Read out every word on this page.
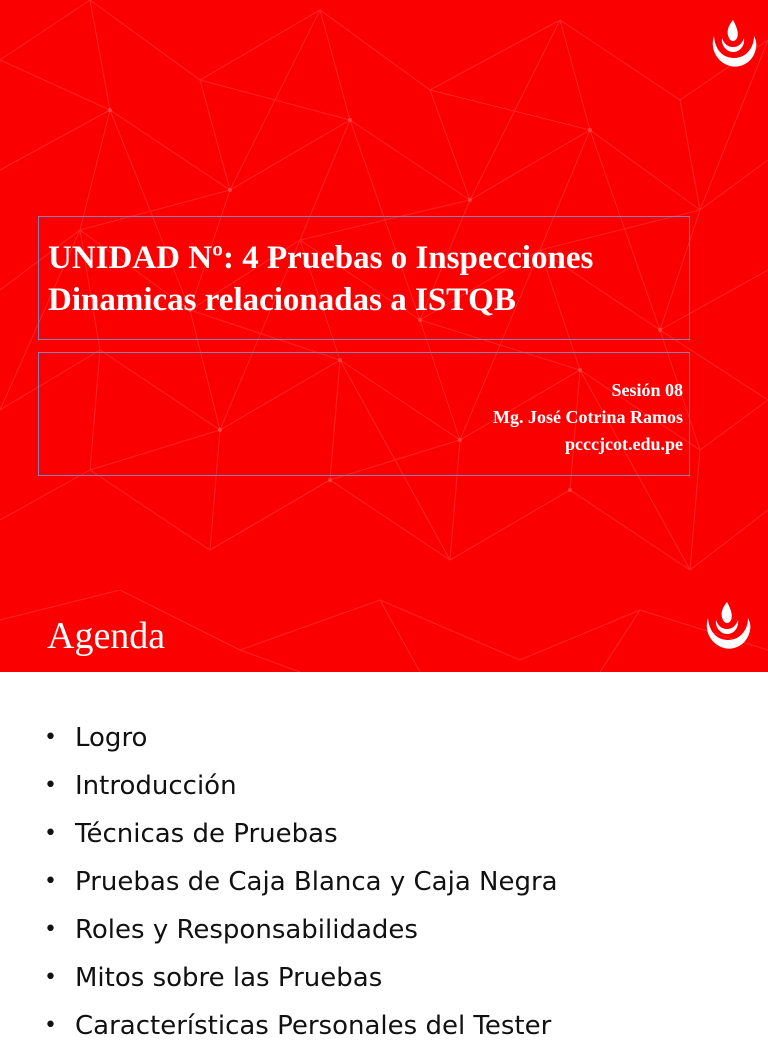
UNIDAD Nº: 4 Pruebas o Inspecciones
Dinamicas relacionadas a ISTQB
Sesión 08
Mg. José Cotrina Ramos
pcccjcot.edu.pe
Agenda
• Logro
• Introducción
• Técnicas de Pruebas
• Pruebas de Caja Blanca y Caja Negra
• Roles y Responsabilidades
• Mitos sobre las Pruebas
• Características Personales del Tester
